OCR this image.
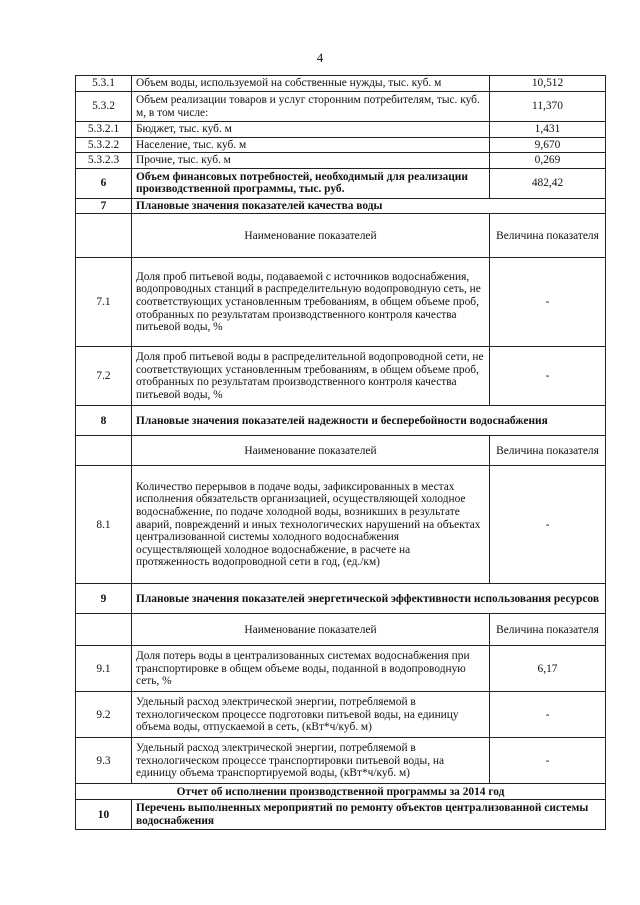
4
5.3.1	Объем воды, используемой на собственные нужды, тыс. куб. м	10,512
5.3.2	Объем реализации товаров и услуг сторонним потребителям, тыс. куб. м, в том числе:	11,370
5.3.2.1	Бюджет, тыс. куб. м	1,431
5.3.2.2	Население, тыс. куб. м	9,670
5.3.2.3	Прочие, тыс. куб. м	0,269
6	Объем финансовых потребностей, необходимый для реализации производственной программы, тыс. руб.	482,42
7	Плановые значения показателей качества воды	
	Наименование показателей	Величина показателя
7.1	Доля проб питьевой воды, подаваемой с источников водоснабжения, водопроводных станций в распределительную водопроводную сеть, не соответствующих установленным требованиям, в общем объеме проб, отобранных по результатам производственного контроля качества питьевой воды, %	-
7.2	Доля проб питьевой воды в распределительной водопроводной сети, не соответствующих установленным требованиям, в общем объеме проб, отобранных по результатам производственного контроля качества питьевой воды, %	-
8	Плановые значения показателей надежности и бесперебойности водоснабжения	
	Наименование показателей	Величина показателя
8.1	Количество перерывов в подаче воды, зафиксированных в местах исполнения обязательств организацией, осуществляющей холодное водоснабжение, по подаче холодной воды, возникших в результате аварий, повреждений и иных технологических нарушений на объектах централизованной системы холодного водоснабжения осуществляющей холодное водоснабжение, в расчете на протяженность водопроводной сети в год, (ед./км)	-
9	Плановые значения показателей энергетической эффективности использования ресурсов	
	Наименование показателей	Величина показателя
9.1	Доля потерь воды в централизованных системах водоснабжения при транспортировке в общем объеме воды, поданной в водопроводную сеть, %	6,17
9.2	Удельный расход электрической энергии, потребляемой в технологическом процессе подготовки питьевой воды, на единицу объема воды, отпускаемой в сеть, (кВт*ч/куб. м)	-
9.3	Удельный расход электрической энергии, потребляемой в технологическом процессе транспортировки питьевой воды, на единицу объема транспортируемой воды, (кВт*ч/куб. м)	-
Отчет об исполнении производственной программы за 2014 год		
10	Перечень выполненных мероприятий по ремонту объектов централизованной системы водоснабжения	
